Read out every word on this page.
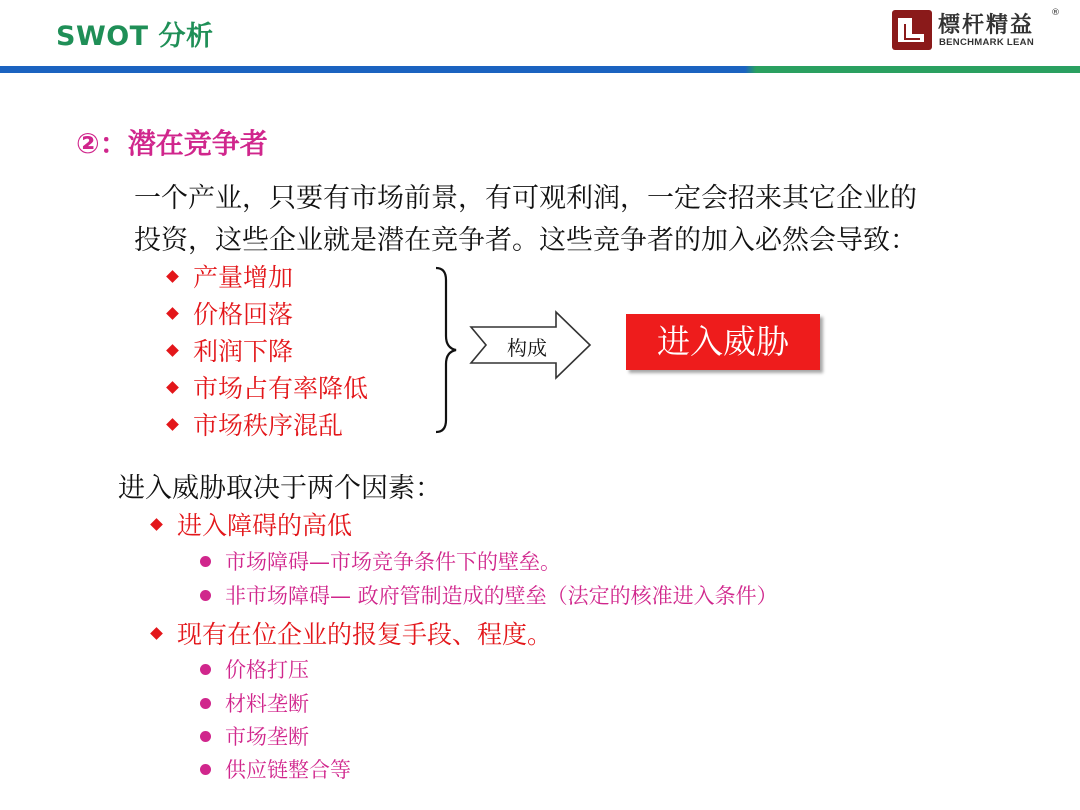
SWOT 分析	標杆精益
BENCHMARK LEAN
®
②：潜在竞争者
一个产业，只要有市场前景，有可观利润，一定会招来其它企业的
投资，这些企业就是潜在竞争者。这些竞争者的加入必然会导致：
产量增加
价格回落
利润下降
市场占有率降低
市场秩序混乱
构成	进入威胁
进入威胁取决于两个因素：
进入障碍的高低
市场障碍—市场竞争条件下的壁垒。
非市场障碍— 政府管制造成的壁垒（法定的核准进入条件）
现有在位企业的报复手段、程度。
价格打压
材料垄断
市场垄断
供应链整合等
